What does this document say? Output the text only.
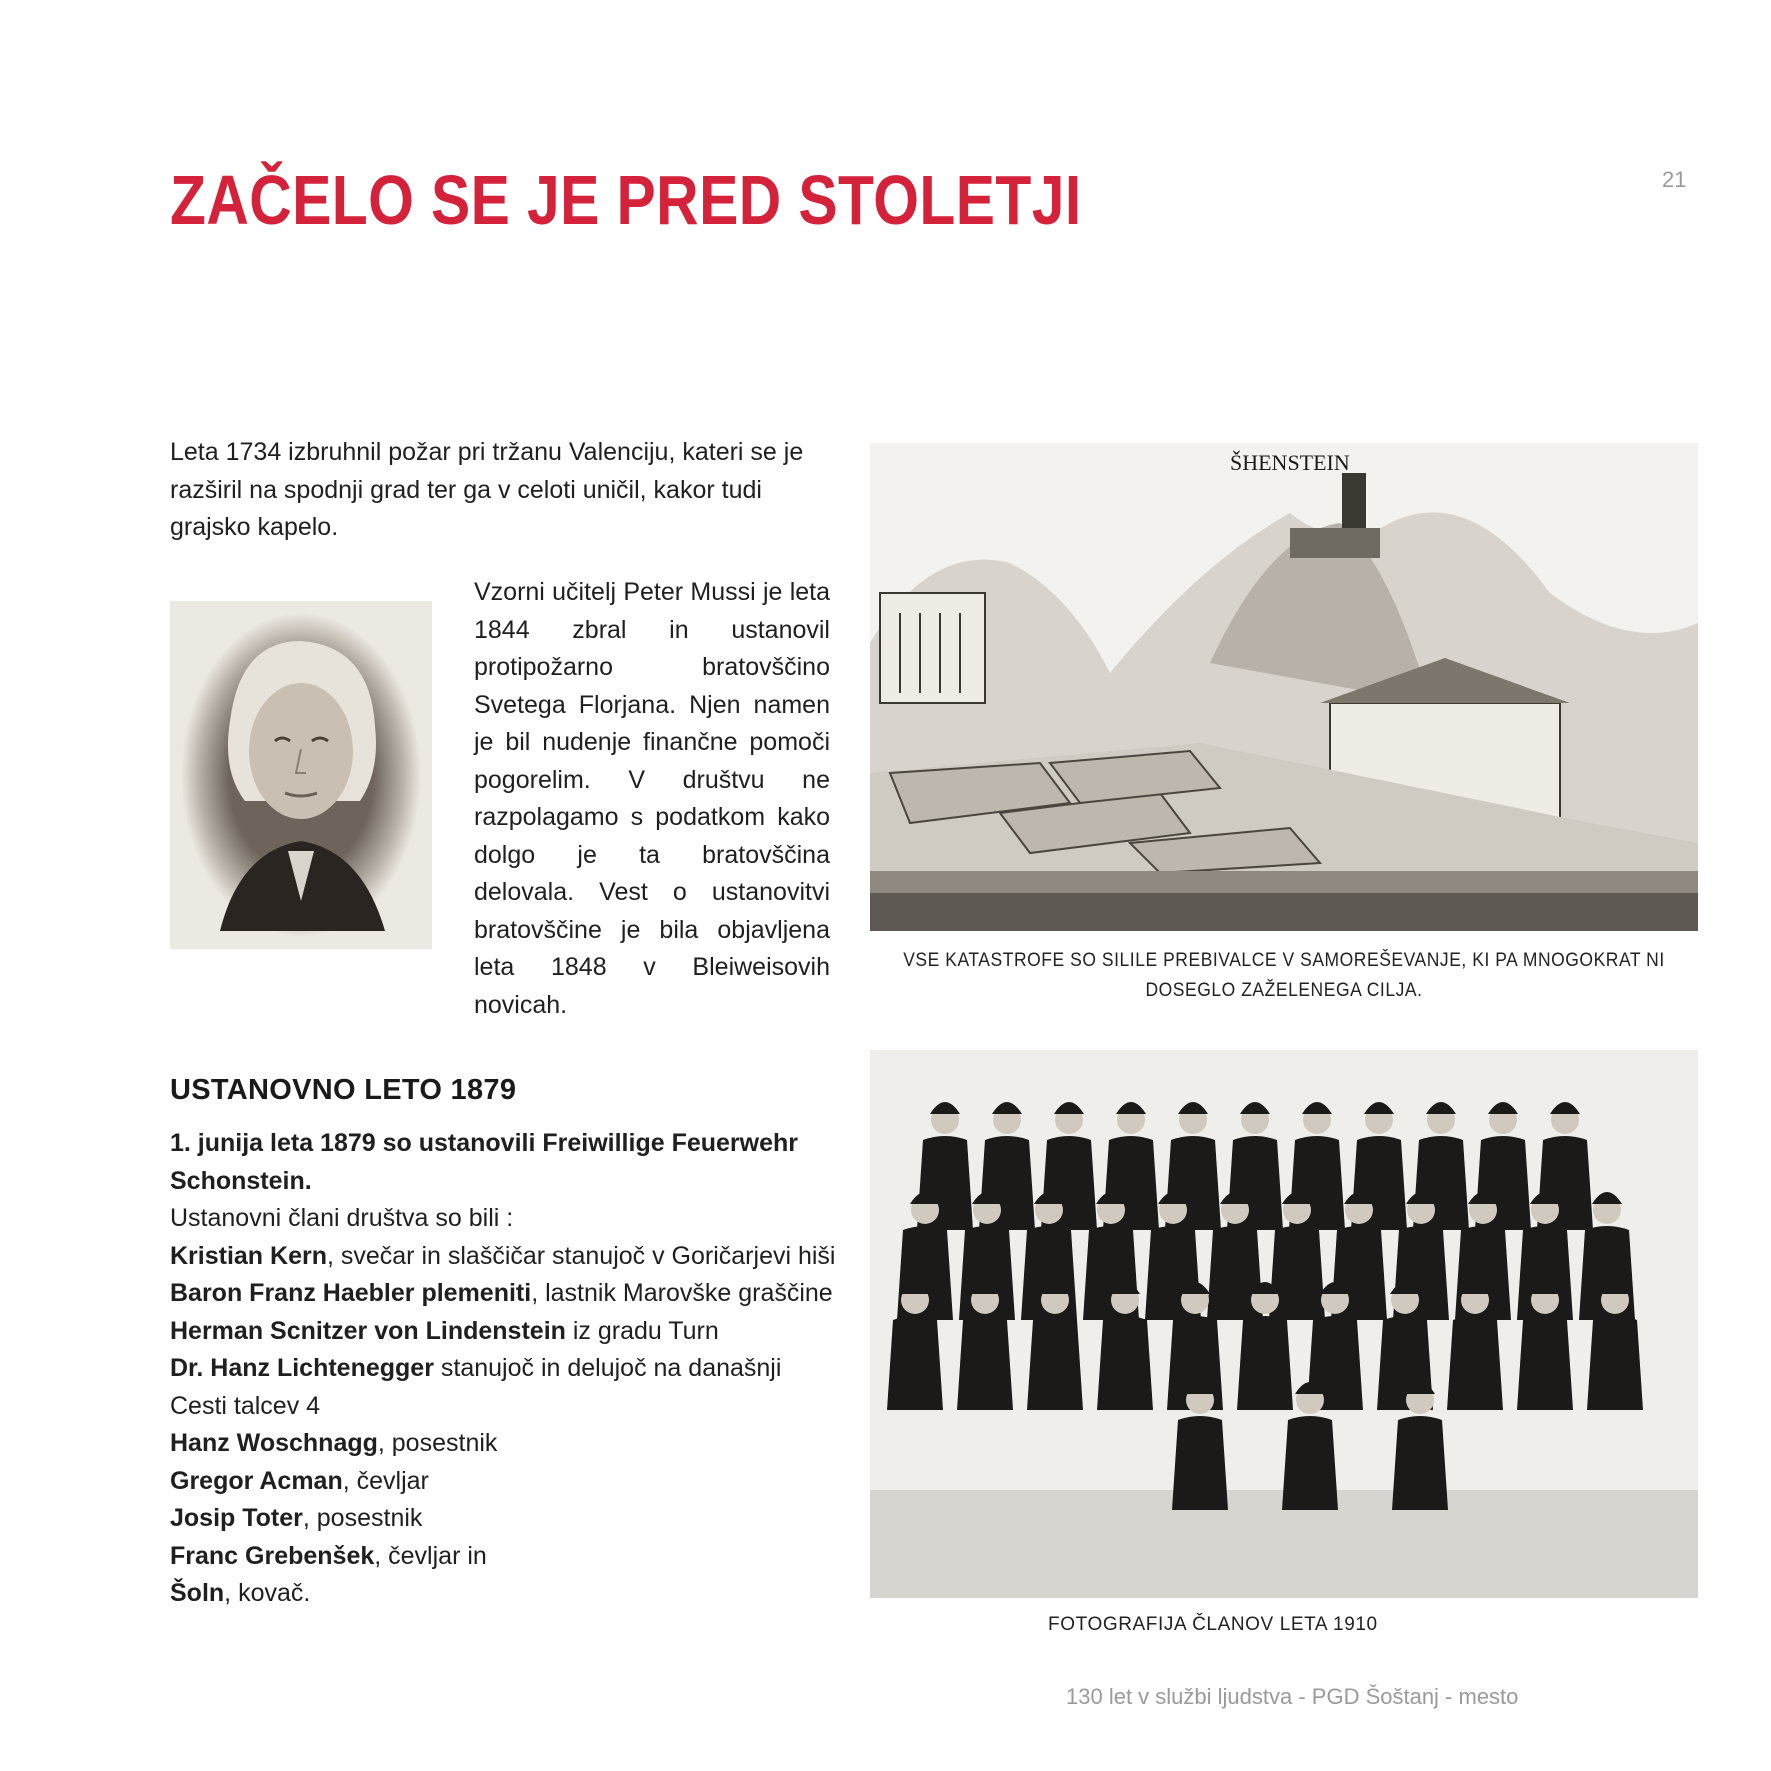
ZAČELO SE JE PRED STOLETJI	21
Leta 1734 izbruhnil požar pri tržanu Valenciju, kateri se je razširil na spodnji grad ter ga v celoti uničil, kakor tudi grajsko kapelo.
Vzorni učitelj Peter Mussi je leta 1844 zbral in ustanovil protipožarno bratovščino Svetega Florjana. Njen namen je bil nudenje finančne pomoči pogorelim. V društvu ne razpolagamo s podatkom kako dolgo je ta bratovščina delovala. Vest o ustanovitvi bratovščine je bila objavljena leta 1848 v Bleiweisovih novicah.
ŠHENSTEIN
VSE KATASTROFE SO SILILE PREBIVALCE V SAMOREŠEVANJE, KI PA MNOGOKRAT NI DOSEGLO ZAŽELENEGA CILJA.
USTANOVNO LETO 1879
1. junija leta 1879 so ustanovili Freiwillige Feuerwehr Schonstein.
Ustanovni člani društva so bili :
Kristian Kern, svečar in slaščičar stanujoč v Goričarjevi hiši
Baron Franz Haebler plemeniti, lastnik Marovške graščine
Herman Scnitzer von Lindenstein iz gradu Turn
Dr. Hanz Lichtenegger stanujoč in delujoč na današnji Cesti talcev 4
Hanz Woschnagg, posestnik
Gregor Acman, čevljar
Josip Toter, posestnik
Franc Grebenšek, čevljar in
Šoln, kovač.
FOTOGRAFIJA ČLANOV LETA 1910
130 let v službi ljudstva - PGD Šoštanj - mesto
